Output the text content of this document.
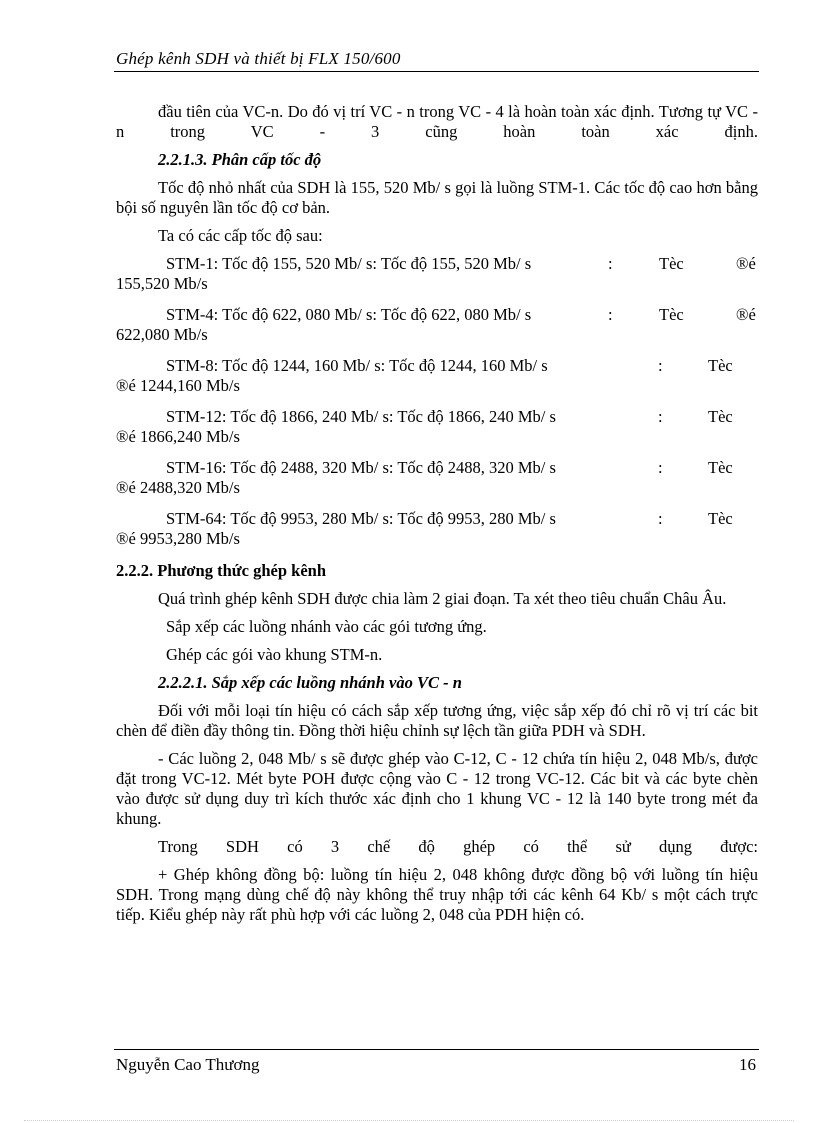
Ghép kênh SDH và thiết bị FLX 150/600

đầu tiên của VC-n. Do đó vị trí VC - n trong VC - 4 là hoàn toàn xác định. Tương tự VC - n trong VC - 3 cũng hoàn toàn xác định.

2.2.1.3. Phân cấp tốc độ

Tốc độ nhỏ nhất của SDH là 155, 520 Mb/ s gọi là luồng STM-1. Các tốc độ cao hơn bằng bội số nguyên lần tốc độ cơ bản.

Ta có các cấp tốc độ sau:

STM-1: Tốc độ 155, 520 Mb/ s: Tốc độ 155, 520 Mb/ s	:	Tèc	®é
155,520 Mb/s
STM-4: Tốc độ 622, 080 Mb/ s: Tốc độ 622, 080 Mb/ s	:	Tèc	®é
622,080 Mb/s
STM-8: Tốc độ 1244, 160 Mb/ s: Tốc độ 1244, 160 Mb/ s	:	Tèc
®é 1244,160 Mb/s
STM-12: Tốc độ 1866, 240 Mb/ s: Tốc độ 1866, 240 Mb/ s	:	Tèc
®é 1866,240 Mb/s
STM-16: Tốc độ 2488, 320 Mb/ s: Tốc độ 2488, 320 Mb/ s	:	Tèc
®é 2488,320 Mb/s
STM-64: Tốc độ 9953, 280 Mb/ s: Tốc độ 9953, 280 Mb/ s	:	Tèc
®é 9953,280 Mb/s
2.2.2. Phương thức ghép kênh

Quá trình ghép kênh SDH được chia làm 2 giai đoạn. Ta xét theo tiêu chuẩn Châu Âu.

Sắp xếp các luồng nhánh vào các gói tương ứng.
Ghép các gói vào khung STM-n.
2.2.2.1. Sắp xếp các luồng nhánh vào VC - n

Đối với mỗi loại tín hiệu có cách sắp xếp tương ứng, việc sắp xếp đó chỉ rõ vị trí các bit chèn để điền đầy thông tin. Đồng thời hiệu chỉnh sự lệch tần giữa PDH và SDH.

- Các luồng 2, 048 Mb/ s sẽ được ghép vào C-12, C - 12 chứa tín hiệu 2, 048 Mb/s, được đặt trong VC-12. Mét byte POH được cộng vào C - 12 trong VC-12. Các bit và các byte chèn vào được sử dụng duy trì kích thước xác định cho 1 khung VC - 12 là 140 byte trong mét đa khung.

Trong SDH có 3 chế độ ghép có thể sử dụng được:

+ Ghép không đồng bộ: luồng tín hiệu 2, 048 không được đồng bộ với luồng tín hiệu SDH. Trong mạng dùng chế độ này không thể truy nhập tới các kênh 64 Kb/ s một cách trực tiếp. Kiểu ghép này rất phù hợp với các luồng 2, 048 của PDH hiện có.

Nguyễn Cao Thương	16
